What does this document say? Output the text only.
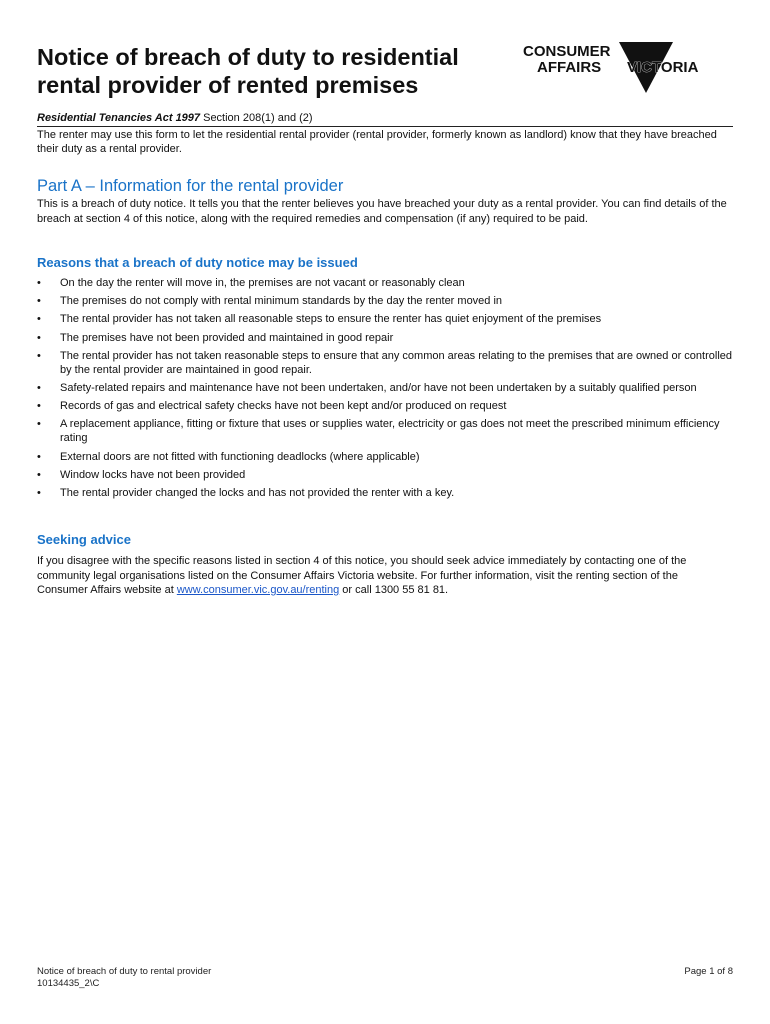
Notice of breach of duty to residential rental provider of rented premises
CONSUMER
AFFAIRS VICTORIA
Residential Tenancies Act 1997 Section 208(1) and (2)

The renter may use this form to let the residential rental provider (rental provider, formerly known as landlord) know that they have breached their duty as a rental provider.

Part A – Information for the rental provider

This is a breach of duty notice. It tells you that the renter believes you have breached your duty as a rental provider. You can find details of the breach at section 4 of this notice, along with the required remedies and compensation (if any) required to be paid.

Reasons that a breach of duty notice may be issued
• On the day the renter will move in, the premises are not vacant or reasonably clean
• The premises do not comply with rental minimum standards by the day the renter moved in
• The rental provider has not taken all reasonable steps to ensure the renter has quiet enjoyment of the premises
• The premises have not been provided and maintained in good repair
• The rental provider has not taken reasonable steps to ensure that any common areas relating to the premises that are owned or controlled by the rental provider are maintained in good repair.
• Safety-related repairs and maintenance have not been undertaken, and/or have not been undertaken by a suitably qualified person
• Records of gas and electrical safety checks have not been kept and/or produced on request
• A replacement appliance, fitting or fixture that uses or supplies water, electricity or gas does not meet the prescribed minimum efficiency rating
• External doors are not fitted with functioning deadlocks (where applicable)
• Window locks have not been provided
• The rental provider changed the locks and has not provided the renter with a key.
Seeking advice

If you disagree with the specific reasons listed in section 4 of this notice, you should seek advice immediately by contacting one of the community legal organisations listed on the Consumer Affairs Victoria website. For further information, visit the renting section of the Consumer Affairs website at www.consumer.vic.gov.au/renting or call 1300 55 81 81.

Notice of breach of duty to rental provider
10134435_2\C
Page 1 of 8
